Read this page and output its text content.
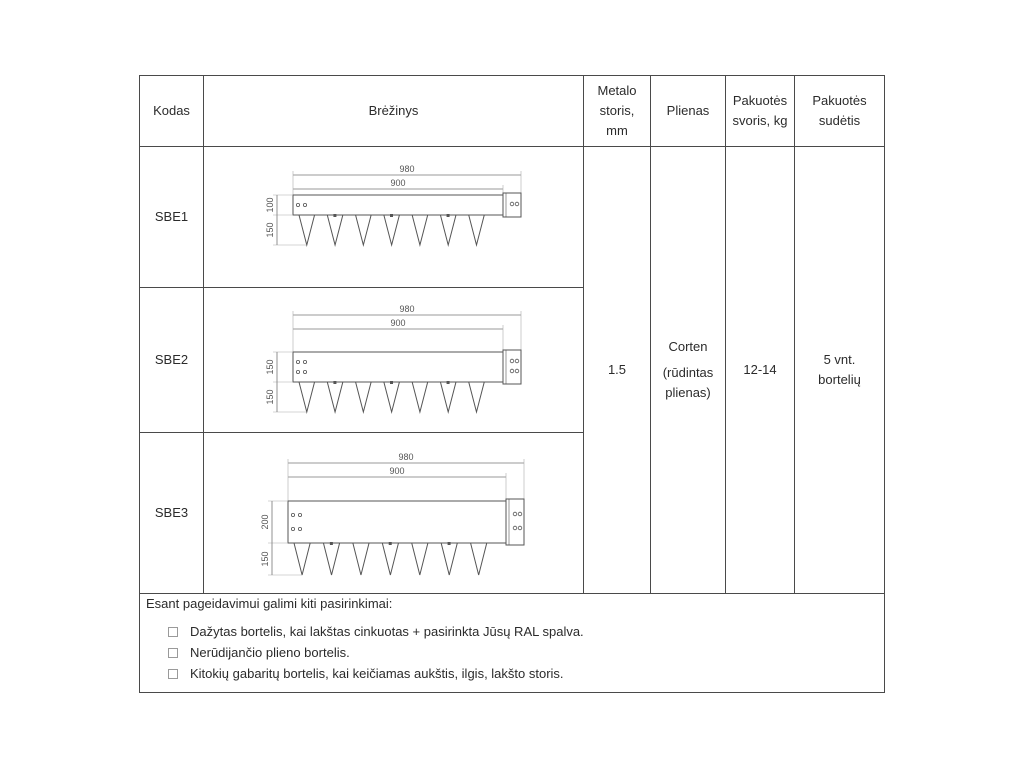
Kodas	Brėžinys
Metalo
storis,
mm
Plienas
Pakuotės
svoris, kg
Pakuotės
sudėtis
SBE1
SBE2
SBE3
1.5
Corten
(rūdintas
plienas)
12-14
5 vnt.
bortelių
980
900
100
150
980
900
150
150
980
900
200
150
Esant pageidavimui galimi kiti pasirinkimai:
Dažytas bortelis, kai lakštas cinkuotas + pasirinkta Jūsų RAL spalva.
Nerūdijančio plieno bortelis.
Kitokių gabaritų bortelis, kai keičiamas aukštis, ilgis, lakšto storis.
